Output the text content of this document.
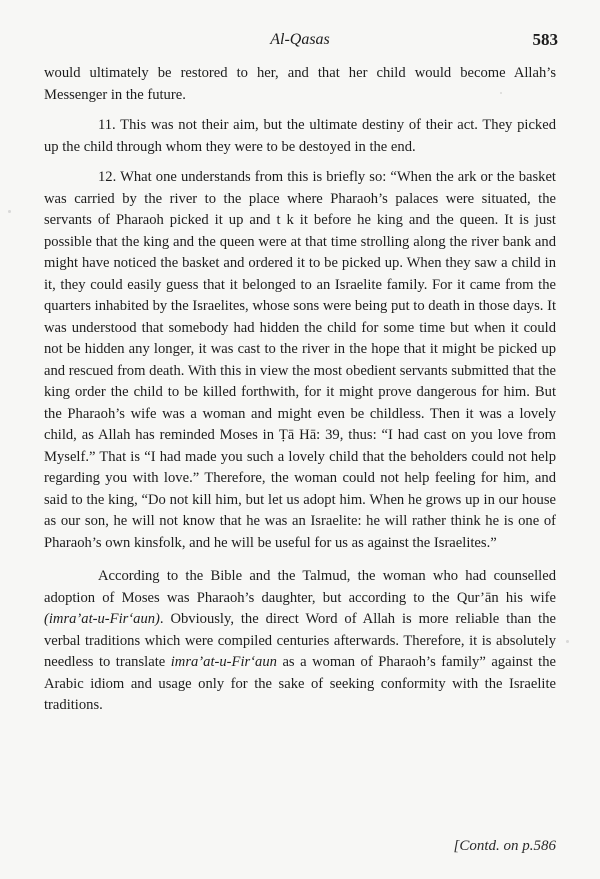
Al-Qasas	583

would ultimately be restored to her, and that her child would become Allah’s Messenger in the future.

11. This was not their aim, but the ultimate destiny of their act. They picked up the child through whom they were to be destoyed in the end.

12. What one understands from this is briefly so: “When the ark or the basket was carried by the river to the place where Pharaoh’s palaces were situated, the servants of Pharaoh picked it up and t k it before he king and the queen. It is just possible that the king and the queen were at that time strolling along the river bank and might have noticed the basket and ordered it to be picked up. When they saw a child in it, they could easily guess that it belonged to an Israelite family. For it came from the quarters inhabited by the Israelites, whose sons were being put to death in those days. It was understood that somebody had hidden the child for some time but when it could not be hidden any longer, it was cast to the river in the hope that it might be picked up and rescued from death. With this in view the most obedient servants submitted that the king order the child to be killed forthwith, for it might prove dangerous for him. But the Pharaoh’s wife was a woman and might even be childless. Then it was a lovely child, as Allah has reminded Moses in Ṭā Hā: 39, thus: “I had cast on you love from Myself.” That is “I had made you such a lovely child that the beholders could not help regarding you with love.” Therefore, the woman could not help feeling for him, and said to the king, “Do not kill him, but let us adopt him. When he grows up in our house as our son, he will not know that he was an Israelite: he will rather think he is one of Pharaoh’s own kinsfolk, and he will be useful for us as against the Israelites.”

According to the Bible and the Talmud, the woman who had counselled adoption of Moses was Pharaoh’s daughter, but according to the Qur’ān his wife (imra’at-u-Fir‘aun). Obviously, the direct Word of Allah is more reliable than the verbal traditions which were compiled centuries afterwards. Therefore, it is absolutely needless to translate imra’at-u-Fir‘aun as a woman of Pharaoh’s family” against the Arabic idiom and usage only for the sake of seeking conformity with the Israelite traditions.

[Contd. on p.586
